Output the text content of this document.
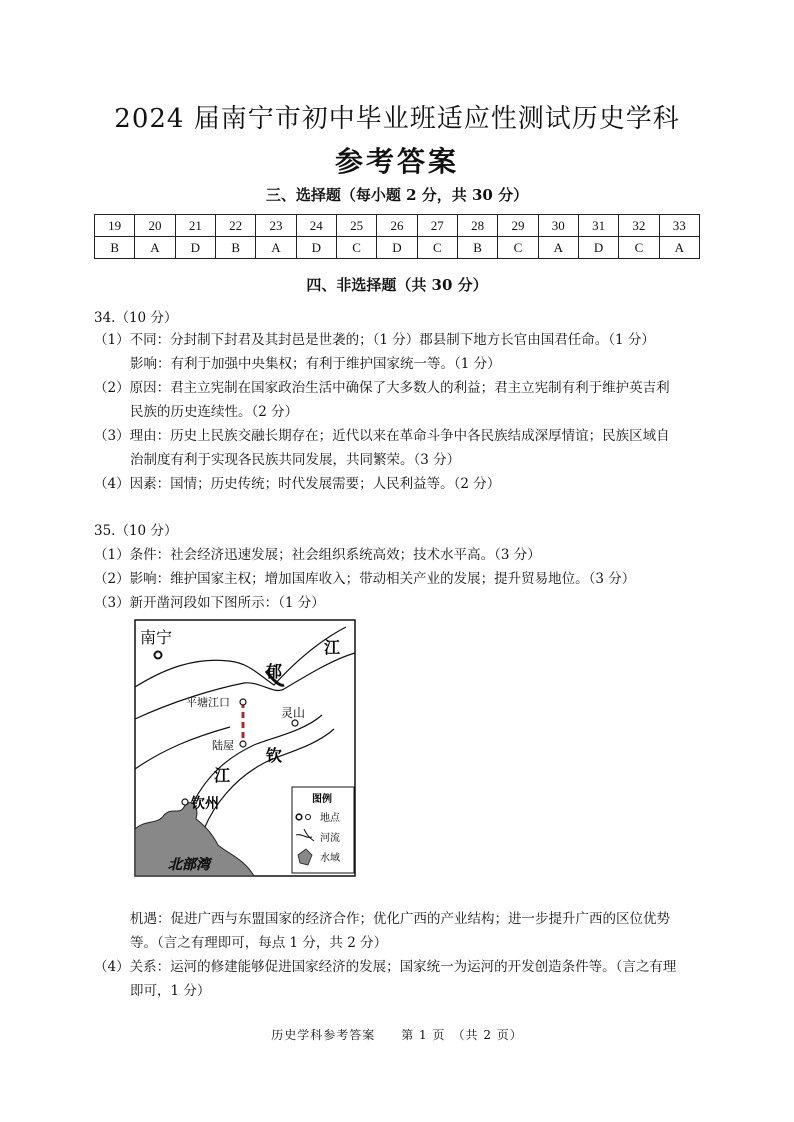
2024 届南宁市初中毕业班适应性测试历史学科
参考答案
三、选择题（每小题 2 分，共 30 分）
19	20	21	22	23	24	25	26	27	28	29	30	31	32	33
B	A	D	B	A	D	C	D	C	B	C	A	D	C	A
四、非选择题（共 30 分）
34.（10 分）
（1）不同：分封制下封君及其封邑是世袭的；（1 分）郡县制下地方长官由国君任命。（1 分）
影响：有利于加强中央集权；有利于维护国家统一等。（1 分）
（2）原因：君主立宪制在国家政治生活中确保了大多数人的利益；君主立宪制有利于维护英吉利
民族的历史连续性。（2 分）
（3）理由：历史上民族交融长期存在；近代以来在革命斗争中各民族结成深厚情谊；民族区域自
治制度有利于实现各民族共同发展，共同繁荣。（3 分）
（4）因素：国情；历史传统；时代发展需要；人民利益等。（2 分）
35.（10 分）
（1）条件：社会经济迅速发展；社会组织系统高效；技术水平高。（3 分）
（2）影响：维护国家主权；增加国库收入；带动相关产业的发展；提升贸易地位。（3 分）
（3）新开凿河段如下图所示：（1 分）
南宁
江
郁
平塘江口
灵山
陆屋
钦
江
钦州
北部湾
图例
地点
河流
水域
机遇：促进广西与东盟国家的经济合作；优化广西的产业结构；进一步提升广西的区位优势
等。（言之有理即可，每点 1 分，共 2 分）
（4）关系：运河的修建能够促进国家经济的发展；国家统一为运河的开发创造条件等。（言之有理
即可，1 分）
历史学科参考答案　　第 1 页　（共 2 页）
